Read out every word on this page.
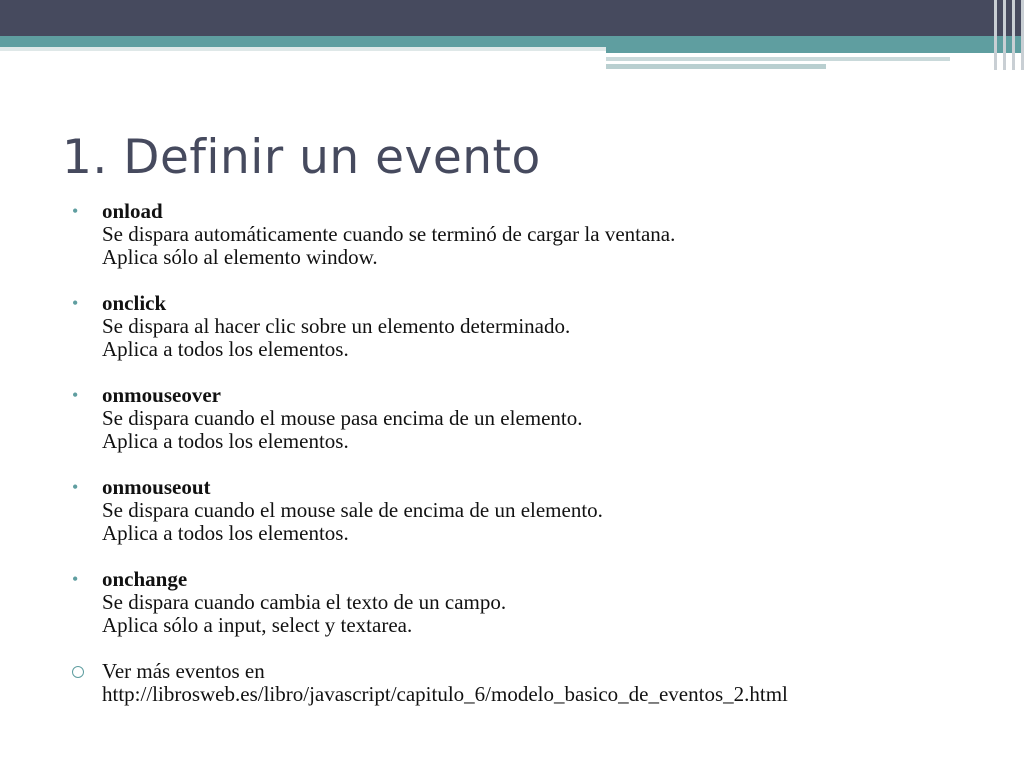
1. Definir un evento
• onload
Se dispara automáticamente cuando se terminó de cargar la ventana.
Aplica sólo al elemento window.
• onclick
Se dispara al hacer clic sobre un elemento determinado.
Aplica a todos los elementos.
• onmouseover
Se dispara cuando el mouse pasa encima de un elemento.
Aplica a todos los elementos.
• onmouseout
Se dispara cuando el mouse sale de encima de un elemento.
Aplica a todos los elementos.
• onchange
Se dispara cuando cambia el texto de un campo.
Aplica sólo a input, select y textarea.
Ver más eventos en
http://librosweb.es/libro/javascript/capitulo_6/modelo_basico_de_eventos_2.html
